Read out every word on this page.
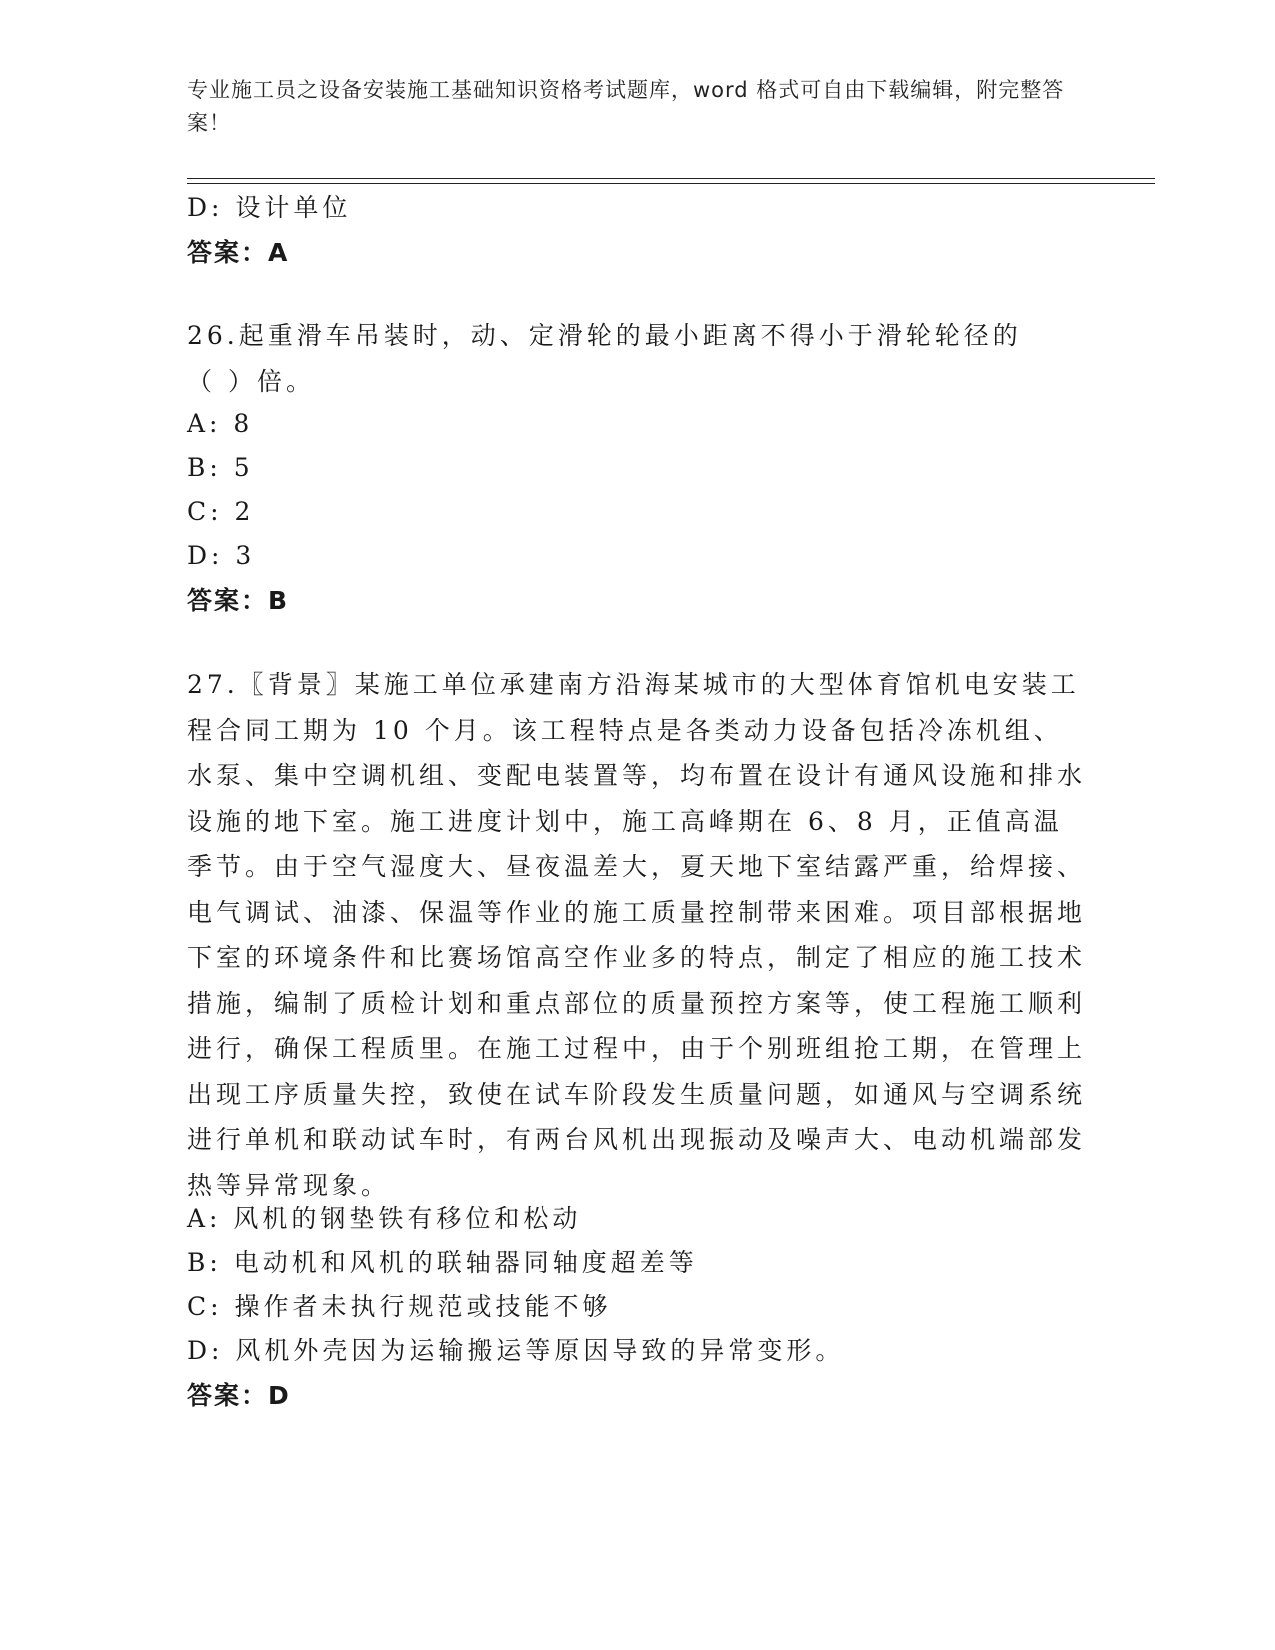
专业施工员之设备安装施工基础知识资格考试题库，word 格式可自由下载编辑，附完整答案！
D: 设计单位
答案：A
26.起重滑车吊装时，动、定滑轮的最小距离不得小于滑轮轮径的（ ）倍。
A: 8
B: 5
C: 2
D: 3
答案：B
27.〖背景〗某施工单位承建南方沿海某城市的大型体育馆机电安装工程合同工期为 10 个月。该工程特点是各类动力设备包括冷冻机组、水泵、集中空调机组、变配电装置等，均布置在设计有通风设施和排水设施的地下室。施工进度计划中，施工高峰期在 6、8 月，正值高温季节。由于空气湿度大、昼夜温差大，夏天地下室结露严重，给焊接、电气调试、油漆、保温等作业的施工质量控制带来困难。项目部根据地下室的环境条件和比赛场馆高空作业多的特点，制定了相应的施工技术措施，编制了质检计划和重点部位的质量预控方案等，使工程施工顺利进行，确保工程质里。在施工过程中，由于个别班组抢工期，在管理上出现工序质量失控，致使在试车阶段发生质量问题，如通风与空调系统进行单机和联动试车时，有两台风机出现振动及噪声大、电动机端部发热等异常现象。
A: 风机的钢垫铁有移位和松动
B: 电动机和风机的联轴器同轴度超差等
C: 操作者未执行规范或技能不够
D: 风机外壳因为运输搬运等原因导致的异常变形。
答案：D
